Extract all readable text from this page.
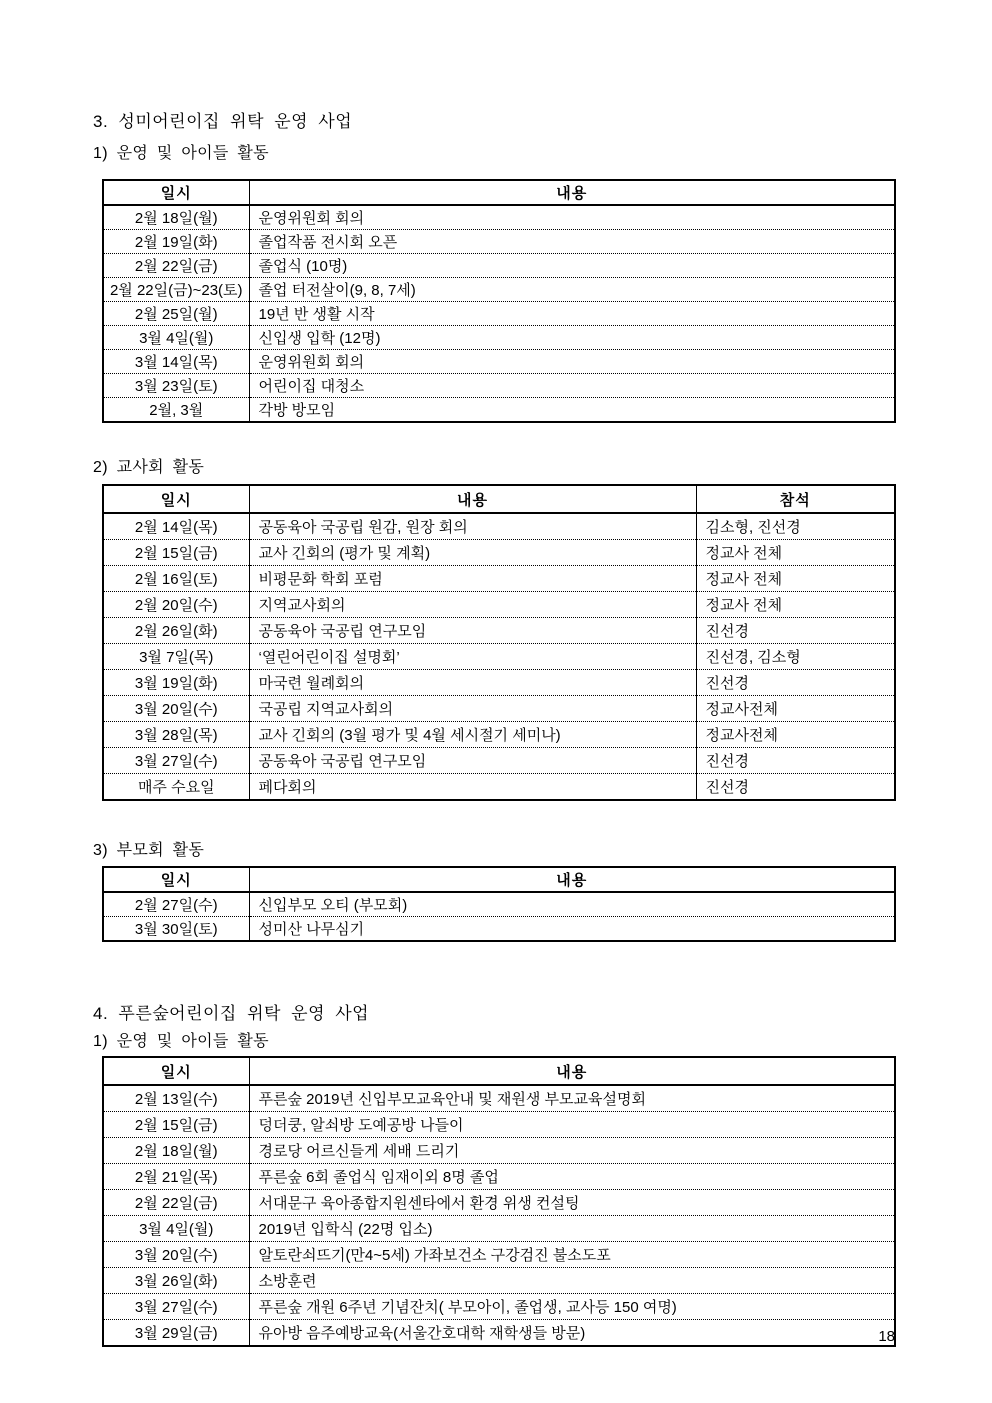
3. 성미어린이집 위탁 운영 사업
1) 운영 및 아이들 활동
일시	내용
2월 18일(월)	운영위원회 회의
2월 19일(화)	졸업작품 전시회 오픈
2월 22일(금)	졸업식 (10명)
2월 22일(금)~23(토)	졸업 터전살이(9, 8, 7세)
2월 25일(월)	19년 반 생활 시작
3월 4일(월)	신입생 입학 (12명)
3월 14일(목)	운영위원회 회의
3월 23일(토)	어린이집 대청소
2월, 3월	각방 방모임
2) 교사회 활동
일시	내용	참석
2월 14일(목)	공동육아 국공립 원감, 원장 회의	김소형, 진선경
2월 15일(금)	교사 긴회의 (평가 및 계획)	정교사 전체
2월 16일(토)	비평문화 학회 포럼	정교사 전체
2월 20일(수)	지역교사회의	정교사 전체
2월 26일(화)	공동육아 국공립 연구모임	진선경
3월 7일(목)	‘열린어린이집 설명회’	진선경, 김소형
3월 19일(화)	마국련 월례회의	진선경
3월 20일(수)	국공립 지역교사회의	정교사전체
3월 28일(목)	교사 긴회의 (3월 평가 및 4월 세시절기 세미나)	정교사전체
3월 27일(수)	공동육아 국공립 연구모임	진선경
매주 수요일	페다회의	진선경
3) 부모회 활동
일시	내용
2월 27일(수)	신입부모 오티 (부모회)
3월 30일(토)	성미산 나무심기
4. 푸른숲어린이집 위탁 운영 사업
1) 운영 및 아이들 활동
일시	내용
2월 13일(수)	푸른숲 2019년 신입부모교육안내 및 재원생 부모교육설명회
2월 15일(금)	덩더쿵, 알쇠방 도예공방 나들이
2월 18일(월)	경로당 어르신들게 세배 드리기
2월 21일(목)	푸른숲 6회 졸업식 임재이외 8명 졸업
2월 22일(금)	서대문구 육아종합지원센타에서 환경 위생 컨설팅
3월 4일(월)	2019년 입학식 (22명 입소)
3월 20일(수)	알토란쇠뜨기(만4~5세) 가좌보건소 구강검진 불소도포
3월 26일(화)	소방훈련
3월 27일(수)	푸른숲 개원 6주년 기념잔치( 부모아이, 졸업생, 교사등 150 여명)
3월 29일(금)	유아방 음주예방교육(서울간호대학 재학생들 방문)	18
